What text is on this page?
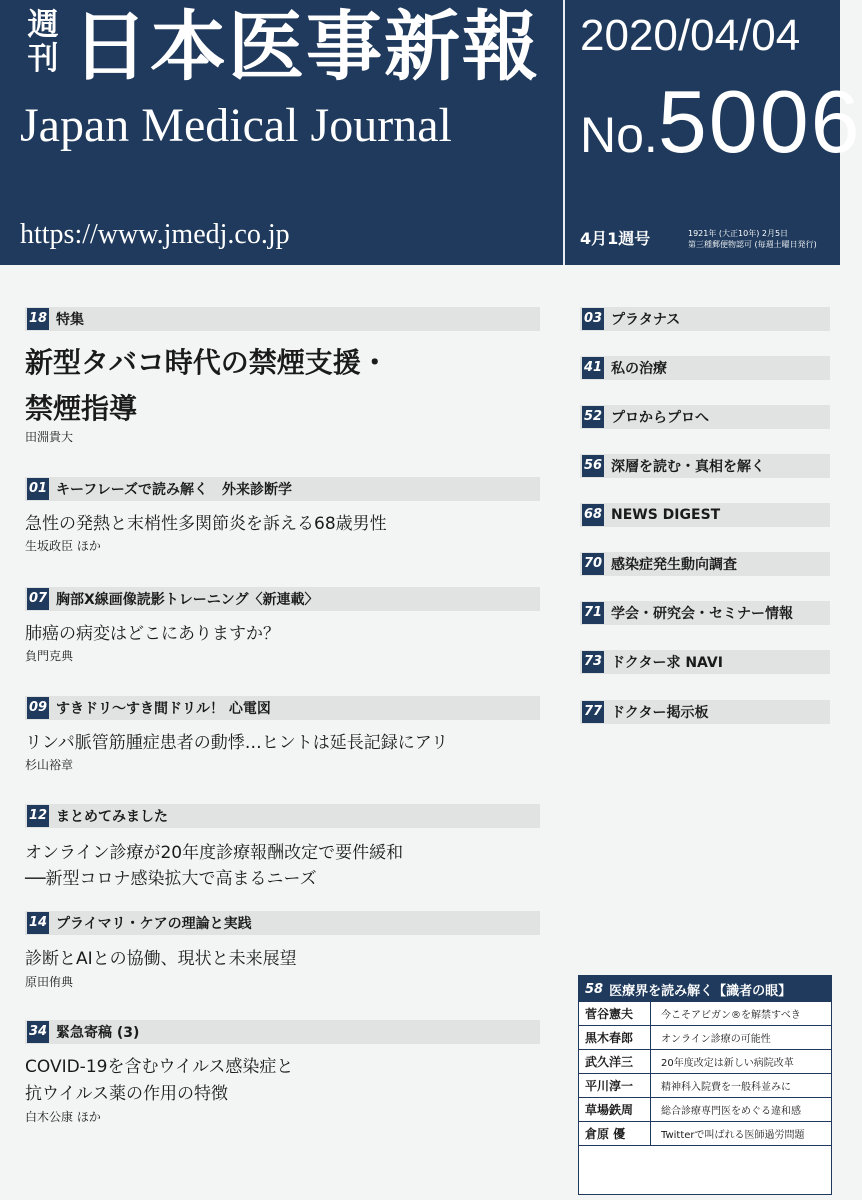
週刊 日本医事新報
Japan Medical Journal
https://www.jmedj.co.jp
2020/04/04
No.5006
4月1週号	1921年 (大正10年) 2月5日
第三種郵便物認可 (毎週土曜日発行)
18 特集
新型タバコ時代の禁煙支援・
禁煙指導
田淵貴大
01 キーフレーズで読み解く　外来診断学
急性の発熱と末梢性多関節炎を訴える68歳男性
生坂政臣 ほか
07 胸部X線画像読影トレーニング〈新連載〉
肺癌の病変はどこにありますか？
負門克典
09 すきドリ〜すき間ドリル！ 心電図
リンパ脈管筋腫症患者の動悸…ヒントは延長記録にアリ
杉山裕章
12 まとめてみました
オンライン診療が20年度診療報酬改定で要件緩和
──新型コロナ感染拡大で高まるニーズ
14 プライマリ・ケアの理論と実践
診断とAIとの協働、現状と未来展望
原田侑典
34 緊急寄稿 (3)
COVID-19を含むウイルス感染症と
抗ウイルス薬の作用の特徴
白木公康 ほか
03 プラタナス
41 私の治療
52 プロからプロへ
56 深層を読む・真相を解く
68 NEWS DIGEST
70 感染症発生動向調査
71 学会・研究会・セミナー情報
73 ドクター求 NAVI
77 ドクター掲示板
58 医療界を読み解く【識者の眼】
菅谷憲夫	今こそアビガン®を解禁すべき
黒木春郎	オンライン診療の可能性
武久洋三	20年度改定は新しい病院改革
平川淳一	精神科入院費を一般科並みに
草場鉄周	総合診療専門医をめぐる違和感
倉原 優	Twitterで叫ばれる医師過労問題
